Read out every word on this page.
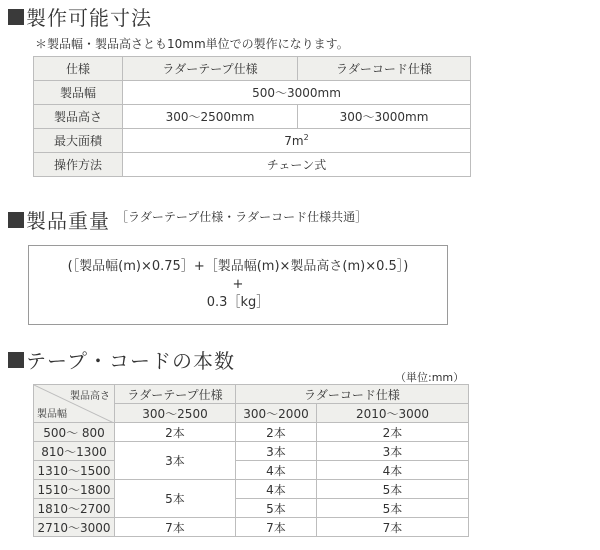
製作可能寸法
＊製品幅・製品高さとも10mm単位での製作になります。
仕様	ラダーテープ仕様	ラダーコード仕様
製品幅	500〜3000mm	
製品高さ	300〜2500mm	300〜3000mm
最大面積	$7m^2$
操作方法	チェーン式	
製品重量 ［ラダーテープ仕様・ラダーコード仕様共通］
(［製品幅(m)×0.75］+［製品幅(m)×製品高さ(m)×0.5］)
+
0.3［kg］
テープ・コードの本数
（単位:mm）
製品高さ
製品幅	ラダーテープ仕様	ラダーコード仕様	
	300〜2500	300〜2000	2010〜3000
500〜 800	2本	2本	2本
810〜1300	3本	3本	3本
1310〜1500		4本	4本
1510〜1800	5本	4本	5本
1810〜2700		5本	5本
2710〜3000	7本	7本	7本
